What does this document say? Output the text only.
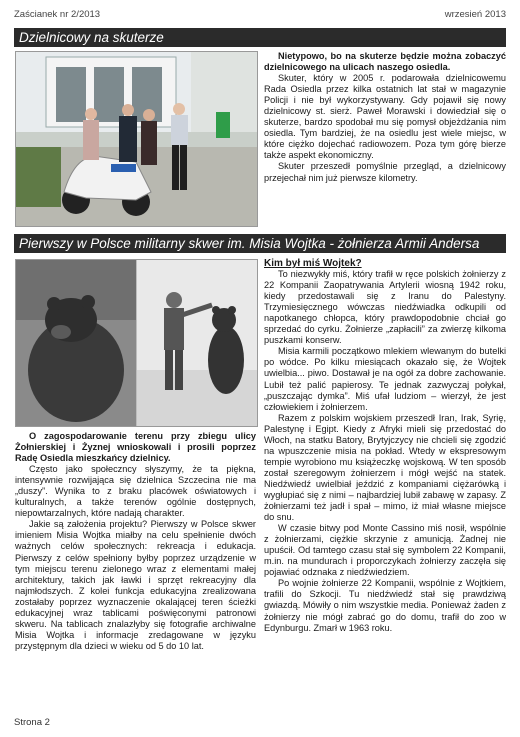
Zaścianek nr 2/2013	wrzesień 2013
Dzielnicowy na skuterze

Nietypowo, bo na skuterze będzie można zobaczyć dzielnicowego na ulicach naszego osiedla.

Skuter, który w 2005 r. podarowała dzielnicowemu Rada Osiedla przez kilka ostatnich lat stał w magazynie Policji i nie był wykorzystywany. Gdy pojawił się nowy dzielnicowy st. sierż. Paweł Morawski i dowiedział się o skuterze, bardzo spodobał mu się pomysł objeżdżania nim osiedla. Tym bardziej, że na osiedlu jest wiele miejsc, w które ciężko dojechać radiowozem. Poza tym górę bierze także aspekt ekonomiczny.

Skuter przeszedł pomyślnie przegląd, a dzielnicowy przejechał nim już pierwsze kilometry.

Pierwszy w Polsce militarny skwer im. Misia Wojtka - żołnierza Armii Andersa

O zagospodarowanie terenu przy zbiegu ulicy Żołnierskiej i Żyznej wnioskowali i prosili poprzez Radę Osiedla mieszkańcy dzielnicy.

Często jako społeczncy słyszymy, że ta piękna, intensywnie rozwijająca się dzielnica Szczecina nie ma „duszy”. Wynika to z braku placówek oświatowych i kulturalnych, a także terenów ogólnie dostępnych, niepowtarzalnych, które nadają charakter.

Jakie są założenia projektu? Pierwszy w Polsce skwer imieniem Misia Wojtka miałby na celu spełnienie dwóch ważnych celów społecznych: rekreacja i edukacja. Pierwszy z celów spełniony byłby poprzez urządzenie w tym miejscu terenu zielonego wraz z elementami małej architektury, takich jak ławki i sprzęt rekreacyjny dla najmłodszych. Z kolei funkcja edukacyjna zrealizowana zostałaby poprzez wyznaczenie okalającej teren ścieżki edukacyjnej wraz tablicami poświęconymi patronowi skweru. Na tablicach znalazłyby się fotografie archiwalne Misia Wojtka i informacje zredagowane w języku przystępnym dla dzieci w wieku od 5 do 10 lat.

Kim był miś Wojtek?

To niezwykły miś, który trafił w ręce polskich żołnierzy z 22 Kompanii Zaopatrywania Artylerii wiosną 1942 roku, kiedy przedostawali się z Iranu do Palestyny. Trzymiesięcznego wówczas niedźwiadka odkupili od napotkanego chłopca, który prawdopodobnie chciał go sprzedać do cyrku. Żołnierze „zapłacili” za zwierzę kilkoma puszkami konserw.

Misia karmili początkowo mlekiem wlewanym do butelki po wódce. Po kilku miesiącach okazało się, że Wojtek uwielbia... piwo. Dostawał je na ogół za dobre zachowanie. Lubił też palić papierosy. Te jednak zazwyczaj połykał, „puszczając dymka”. Miś ufał ludziom – wierzył, że jest człowiekiem i żołnierzem.

Razem z polskim wojskiem przeszedł Iran, Irak, Syrię, Palestynę i Egipt. Kiedy z Afryki mieli się przedostać do Włoch, na statku Batory, Brytyjczycy nie chcieli się zgodzić na wpuszczenie misia na pokład. Wtedy w ekspresowym tempie wyrobiono mu książeczkę wojskową. W ten sposób został szeregowym żołnierzem i mógł wejść na statek. Niedźwiedź uwielbiał jeździć z kompaniami ciężarówką i wygłupiać się z nimi – najbardziej lubił zabawę w zapasy. Z żołnierzami też jadł i spał – mimo, iż miał własne miejsce do snu.

W czasie bitwy pod Monte Cassino miś nosił, wspólnie z żołnierzami, ciężkie skrzynie z amunicją. Żadnej nie upuścił. Od tamtego czasu stał się symbolem 22 Kompanii, m.in. na mundurach i proporczykach żołnierzy zaczęła się pojawiać odznaka z niedźwiedziem.

Po wojnie żołnierze 22 Kompanii, wspólnie z Wojtkiem, trafili do Szkocji. Tu niedźwiedź stał się prawdziwą gwiazdą. Mówiły o nim wszystkie media. Ponieważ żaden z żołnierzy nie mógł zabrać go do domu, trafił do zoo w Edynburgu. Zmarł w 1963 roku.

Strona 2
